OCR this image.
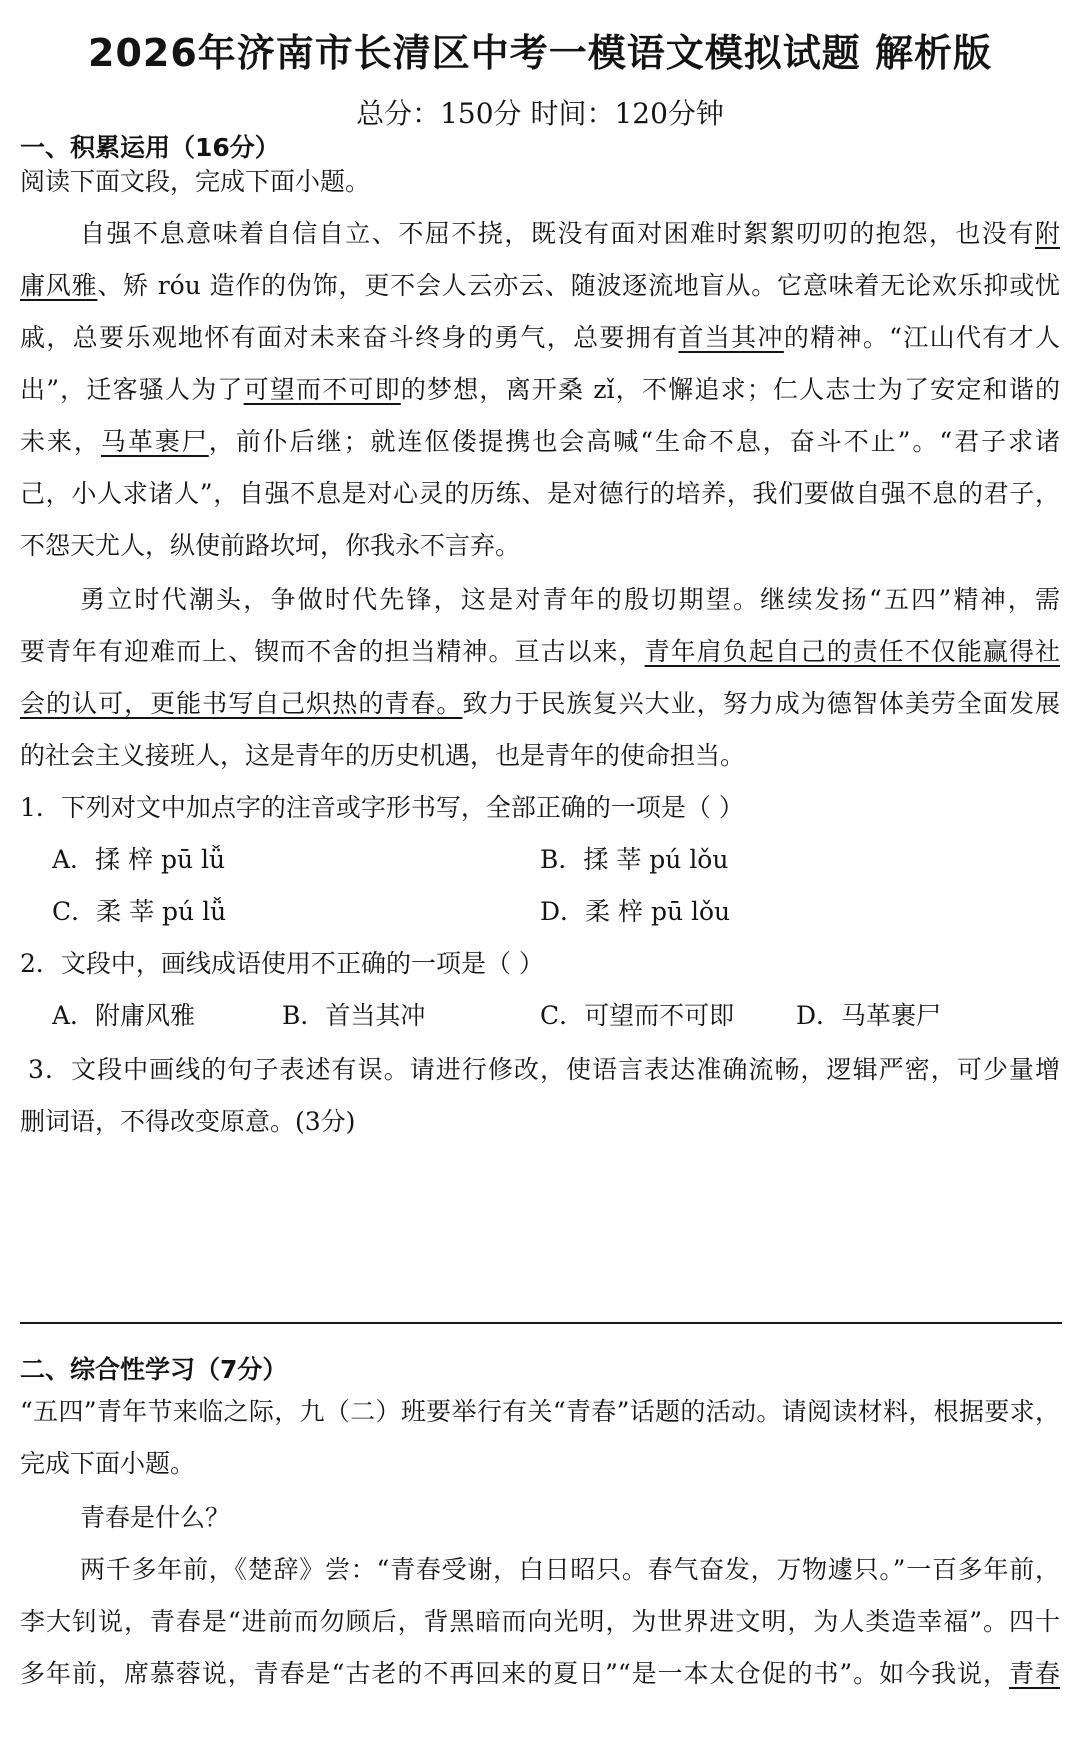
2026年济南市长清区中考一模语文模拟试题 解析版
总分：150分 时间：120分钟
一、积累运用（16分）
阅读下面文段，完成下面小题。
自强不息意味着自信自立、不屈不挠，既没有面对困难时絮絮叨叨的抱怨，也没有附
庸风雅、矫 róu 造作的伪饰，更不会人云亦云、随波逐流地盲从。它意味着无论欢乐抑或忧
戚，总要乐观地怀有面对未来奋斗终身的勇气，总要拥有首当其冲的精神。“江山代有才人
出”，迁客骚人为了可望而不可即的梦想，离开桑 zǐ，不懈追求；仁人志士为了安定和谐的
未来，马革裹尸，前仆后继；就连伛偻提携也会高喊“生命不息，奋斗不止”。“君子求诸
己，小人求诸人”，自强不息是对心灵的历练、是对德行的培养，我们要做自强不息的君子，
不怨天尤人，纵使前路坎坷，你我永不言弃。
勇立时代潮头，争做时代先锋，这是对青年的殷切期望。继续发扬“五四”精神，需
要青年有迎难而上、锲而不舍的担当精神。亘古以来，青年肩负起自己的责任不仅能赢得社
会的认可，更能书写自己炽热的青春。致力于民族复兴大业，努力成为德智体美劳全面发展
的社会主义接班人，这是青年的历史机遇，也是青年的使命担当。
1．下列对文中加点字的注音或字形书写，全部正确的一项是（ ）
A．揉 梓 pū lǚ	B．揉 莘 pú lǒu
C．柔 莘 pú lǚ	D．柔 梓 pū lǒu
2．文段中，画线成语使用不正确的一项是（ ）
A．附庸风雅	B．首当其冲	C．可望而不可即 D．马革裹尸
3．文段中画线的句子表述有误。请进行修改，使语言表达准确流畅，逻辑严密，可少量增
删词语，不得改变原意。(3分)
二、综合性学习（7分）
“五四”青年节来临之际，九（二）班要举行有关“青春”话题的活动。请阅读材料，根据要求，
完成下面小题。
青春是什么？
两千多年前，《楚辞》尝：“青春受谢，白日昭只。春气奋发，万物遽只。”一百多年前，
李大钊说，青春是“进前而勿顾后，背黑暗而向光明，为世界进文明，为人类造幸福”。四十
多年前，席慕蓉说，青春是“古老的不再回来的夏日”“是一本太仓促的书”。如今我说，青春
